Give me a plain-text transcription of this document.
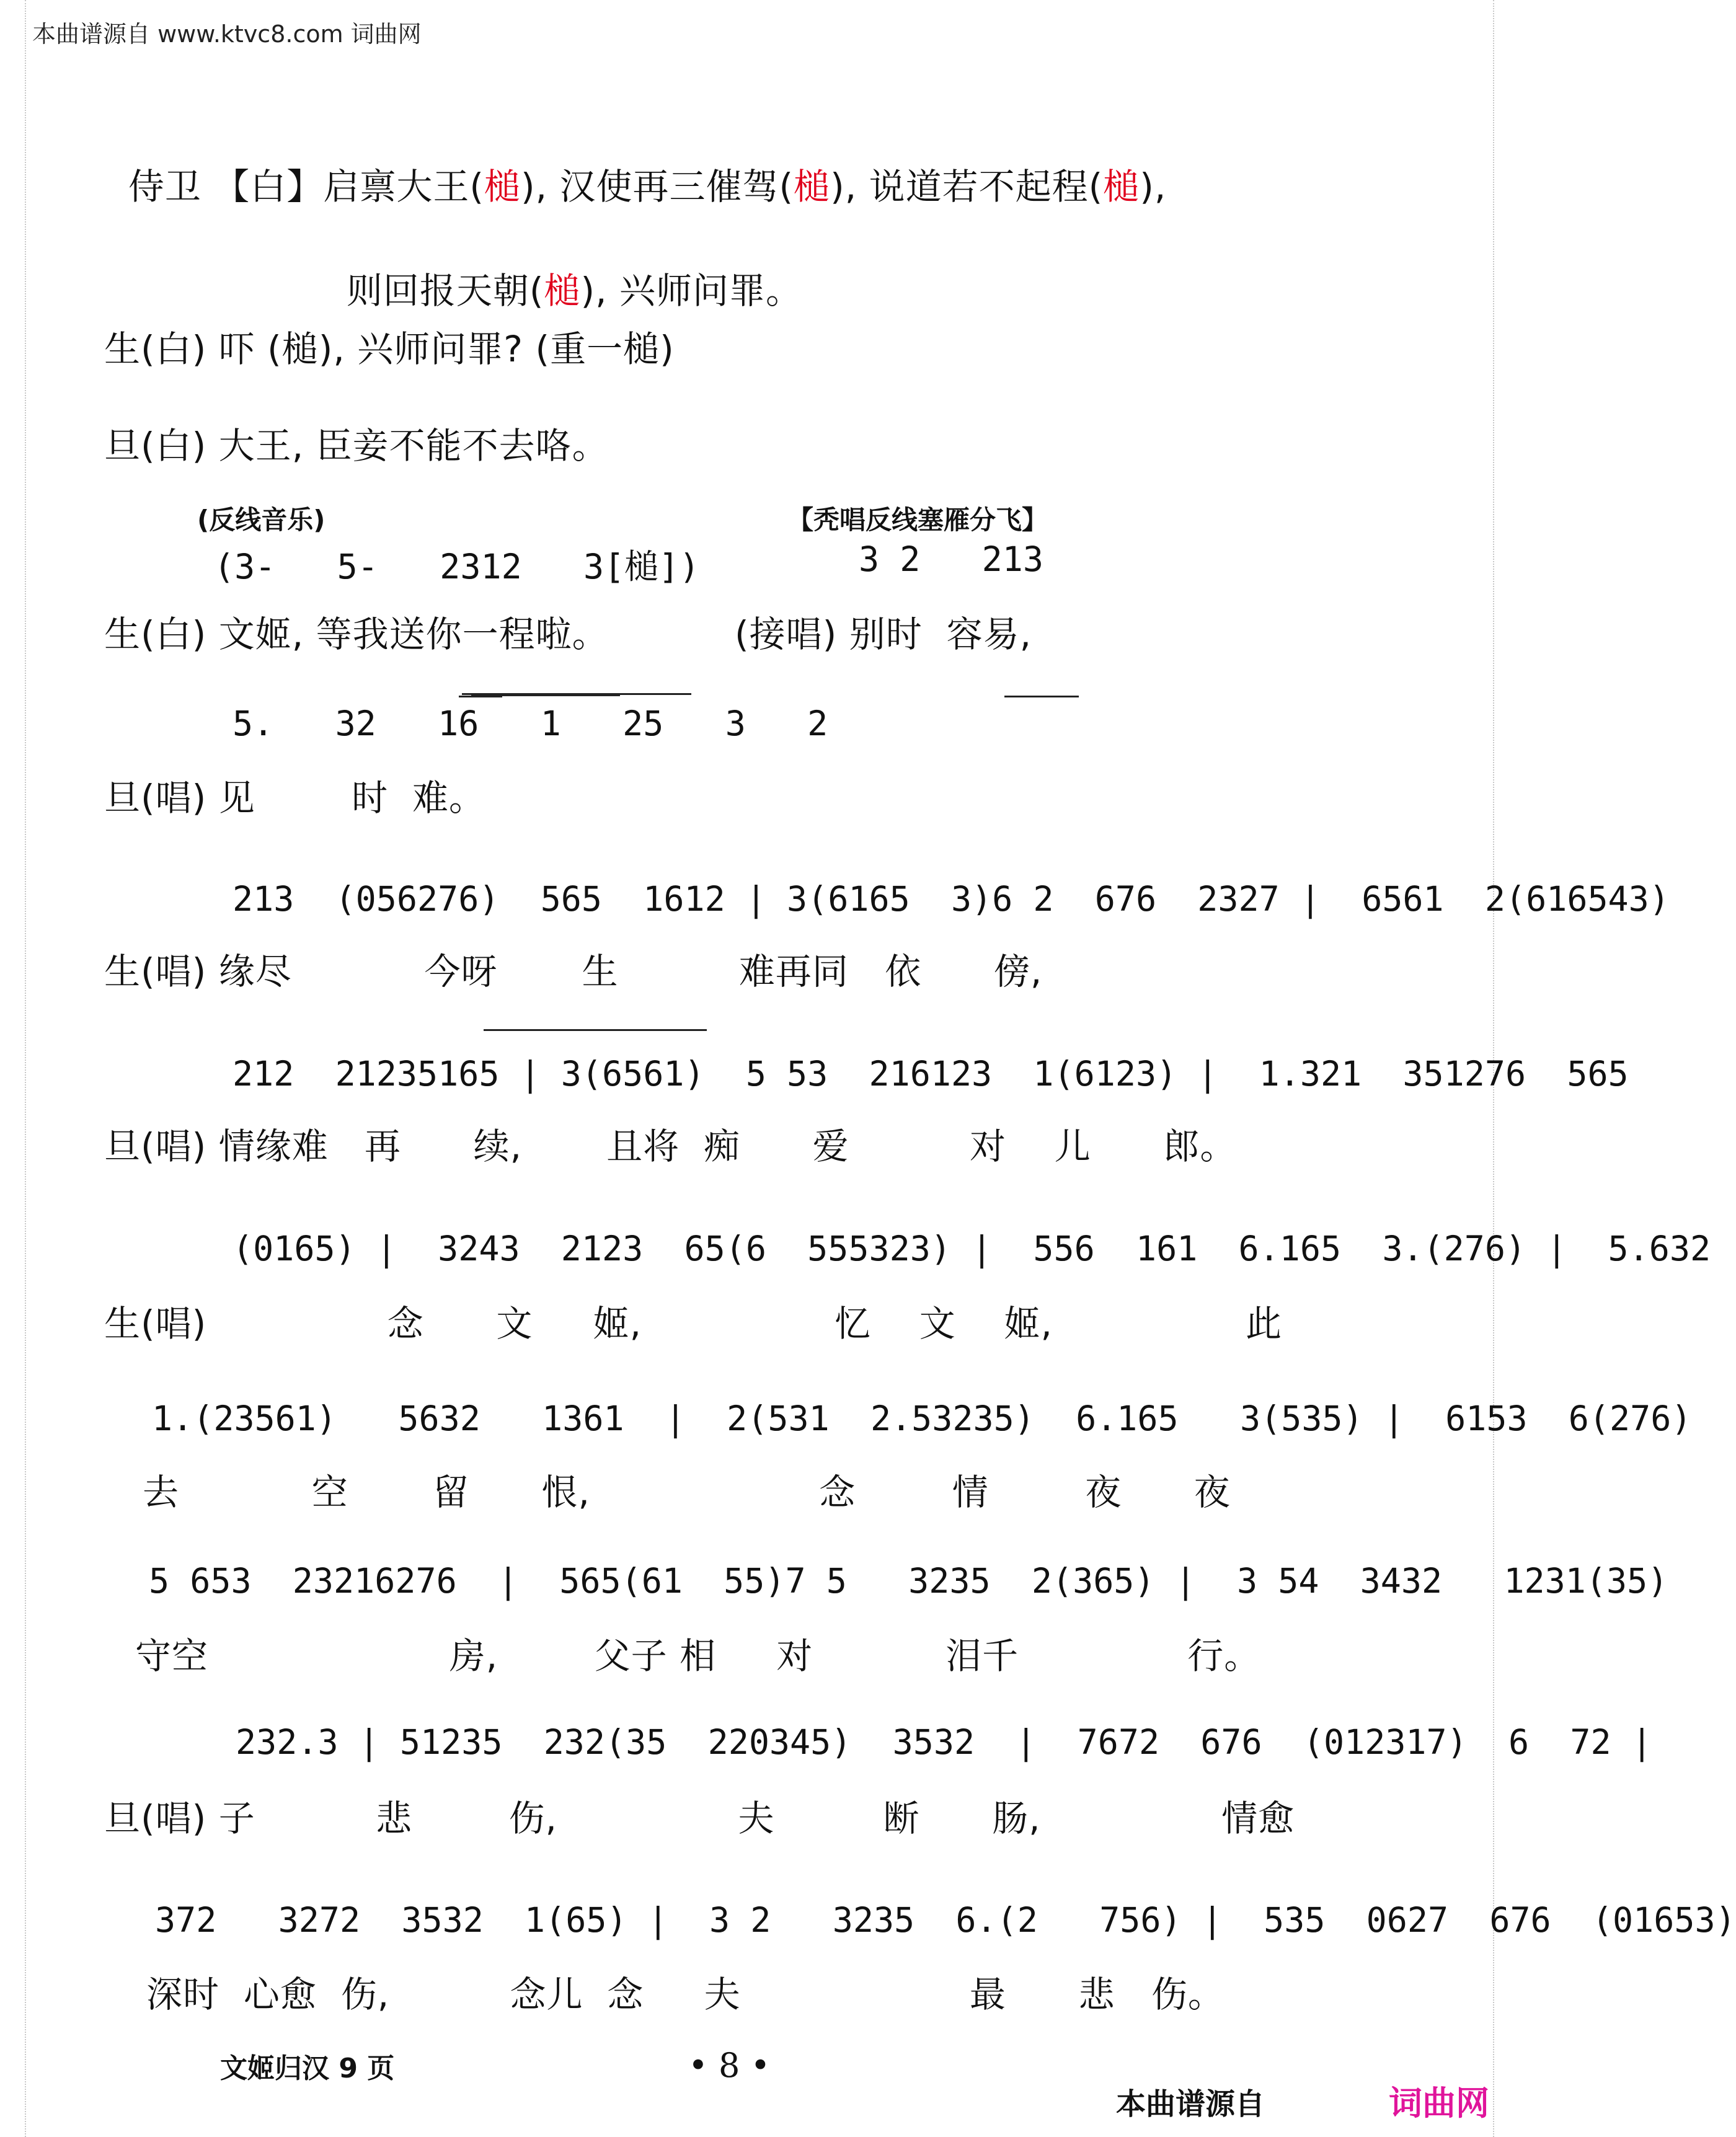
本曲谱源自 www.ktvc8.com 词曲网

侍卫 【白】启禀大王(槌), 汉使再三催驾(槌), 说道若不起程(槌),

则回报天朝(槌), 兴师问罪。

生(白) 吓 (槌), 兴师问罪? (重一槌)
旦(白) 大王, 臣妾不能不去咯。
(反线音乐)	【秃唱反线塞雁分飞】
(3-   5-   2312   3[槌])	3 2   213
生(白) 文姬, 等我送你一程啦。	(接唱) 别时  容易,
5.   32   16   1   25   3   2
旦(唱) 见        时  难。
213  (056276)  565  1612 | 3(6165  3)6 2  676  2327 |  6561  2(616543)
生(唱) 缘尽           今呀       生          难再同   依      傍,
212  21235165 | 3(6561)  5 53  216123  1(6123) |  1.321  351276  565
旦(唱) 情缘难   再      续,       且将  痴      爱          对    儿      郎。
(0165) |  3243  2123  65(6  555323) |  556  161  6.165  3.(276) |  5.632
生(唱)               念      文     姬,                忆    文    姬,                此
1.(23561)   5632   1361  |  2(531  2.53235)  6.165   3(535) |  6153  6(276)
去           空       留      恨,                   念        情        夜      夜
5 653  23216276  |  565(61  55)7 5   3235  2(365) |  3 54  3432   1231(35)
守空                    房,        父子 相     对           泪千              行。
232.3 | 51235  232(35  220345)  3532  |  7672  676  (012317)  6  72 |
旦(唱) 子          悲        伤,               夫         断      肠,               情愈
372   3272  3532  1(65) |  3 2   3235  6.(2   756) |  535  0627  676  (01653)
深时  心愈  伤,          念儿  念     夫                   最      悲   伤。
文姬归汉 9 页	• 8 •
本曲谱源自	词曲网
